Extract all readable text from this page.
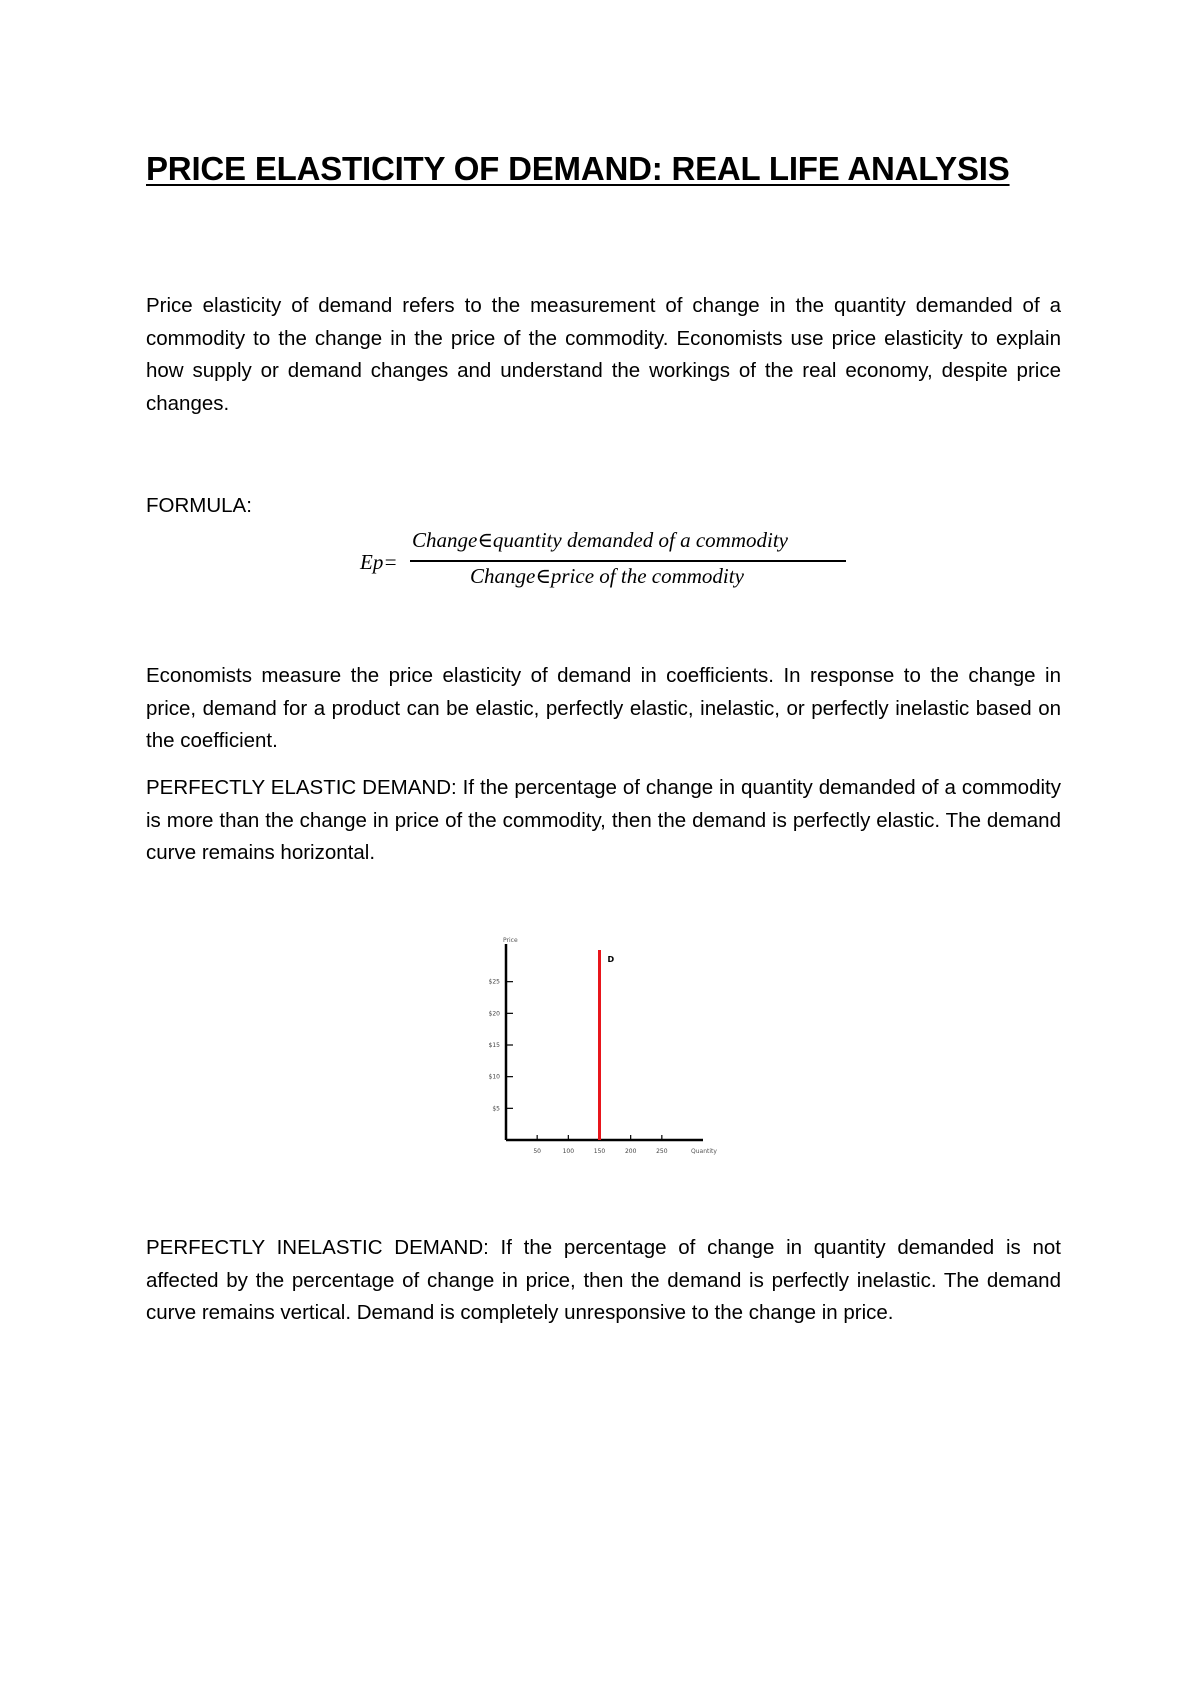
PRICE ELASTICITY OF DEMAND: REAL LIFE ANALYSIS

Price elasticity of demand refers to the measurement of change in the quantity demanded of a commodity to the change in the price of the commodity. Economists use price elasticity to explain how supply or demand changes and understand the workings of the real economy, despite price changes.

FORMULA:

Ep=
Change∈quantity demanded of a commodity
Change∈price of the commodity

Economists measure the price elasticity of demand in coefficients. In response to the change in price, demand for a product can be elastic, perfectly elastic, inelastic, or perfectly inelastic based on the coefficient.

PERFECTLY ELASTIC DEMAND: If the percentage of change in quantity demanded of a commodity is more than the change in price of the commodity, then the demand is perfectly elastic. The demand curve remains horizontal.

Price
Quantity
$5
$10
$15
$20
$25
50	100	150	200	250
D

PERFECTLY INELASTIC DEMAND: If the percentage of change in quantity demanded is not affected by the percentage of change in price, then the demand is perfectly inelastic. The demand curve remains vertical. Demand is completely unresponsive to the change in price.
